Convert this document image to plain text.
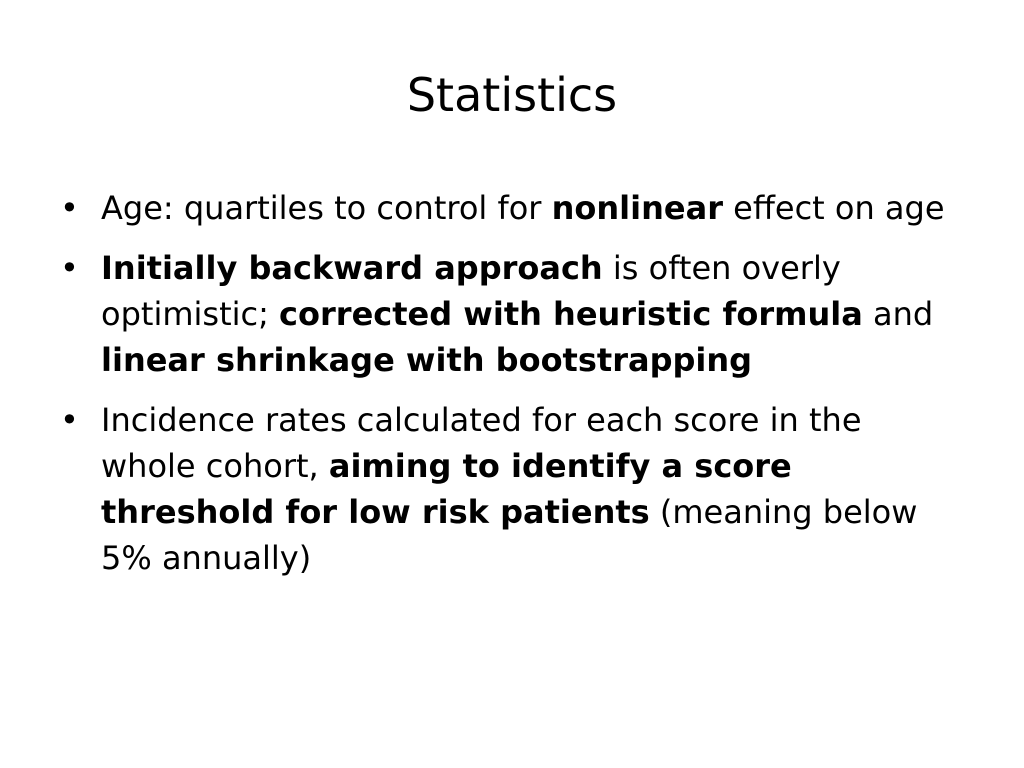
Statistics
• Age: quartiles to control for nonlinear effect on age
• Initially backward approach is often overly optimistic; corrected with heuristic formula and linear shrinkage with bootstrapping
• Incidence rates calculated for each score in the whole cohort, aiming to identify a score threshold for low risk patients (meaning below 5% annually)
